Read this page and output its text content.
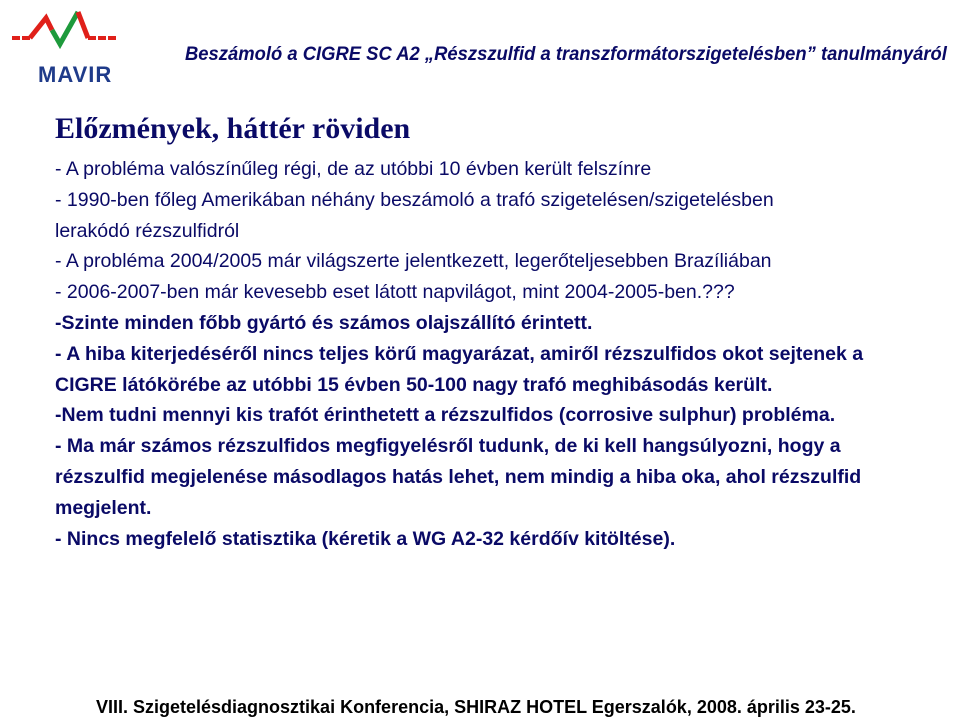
MAVIR
Beszámoló a CIGRE SC A2 „Részszulfid a transzformátorszigetelésben” tanulmányáról
Előzmények, háttér röviden
- A probléma valószínűleg régi, de az utóbbi 10 évben került felszínre
- 1990-ben főleg Amerikában néhány beszámoló a trafó szigetelésen/szigetelésben
lerakódó rézszulfidról
- A probléma 2004/2005 már világszerte jelentkezett, legerőteljesebben Brazíliában
- 2006-2007-ben már kevesebb eset látott napvilágot, mint 2004-2005-ben.???
-Szinte minden főbb gyártó és számos olajszállító érintett.
- A hiba kiterjedéséről nincs teljes körű magyarázat, amiről rézszulfidos okot sejtenek a CIGRE látókörébe az utóbbi 15 évben 50-100 nagy trafó meghibásodás került.
-Nem tudni mennyi kis trafót érinthetett a rézszulfidos (corrosive sulphur) probléma.
- Ma már számos rézszulfidos megfigyelésről tudunk, de ki kell hangsúlyozni, hogy a rézszulfid megjelenése másodlagos hatás lehet, nem mindig a hiba oka, ahol rézszulfid megjelent.
- Nincs megfelelő statisztika (kéretik a WG A2-32 kérdőív kitöltése).
VIII. Szigetelésdiagnosztikai Konferencia, SHIRAZ HOTEL Egerszalók, 2008. április 23-25.
